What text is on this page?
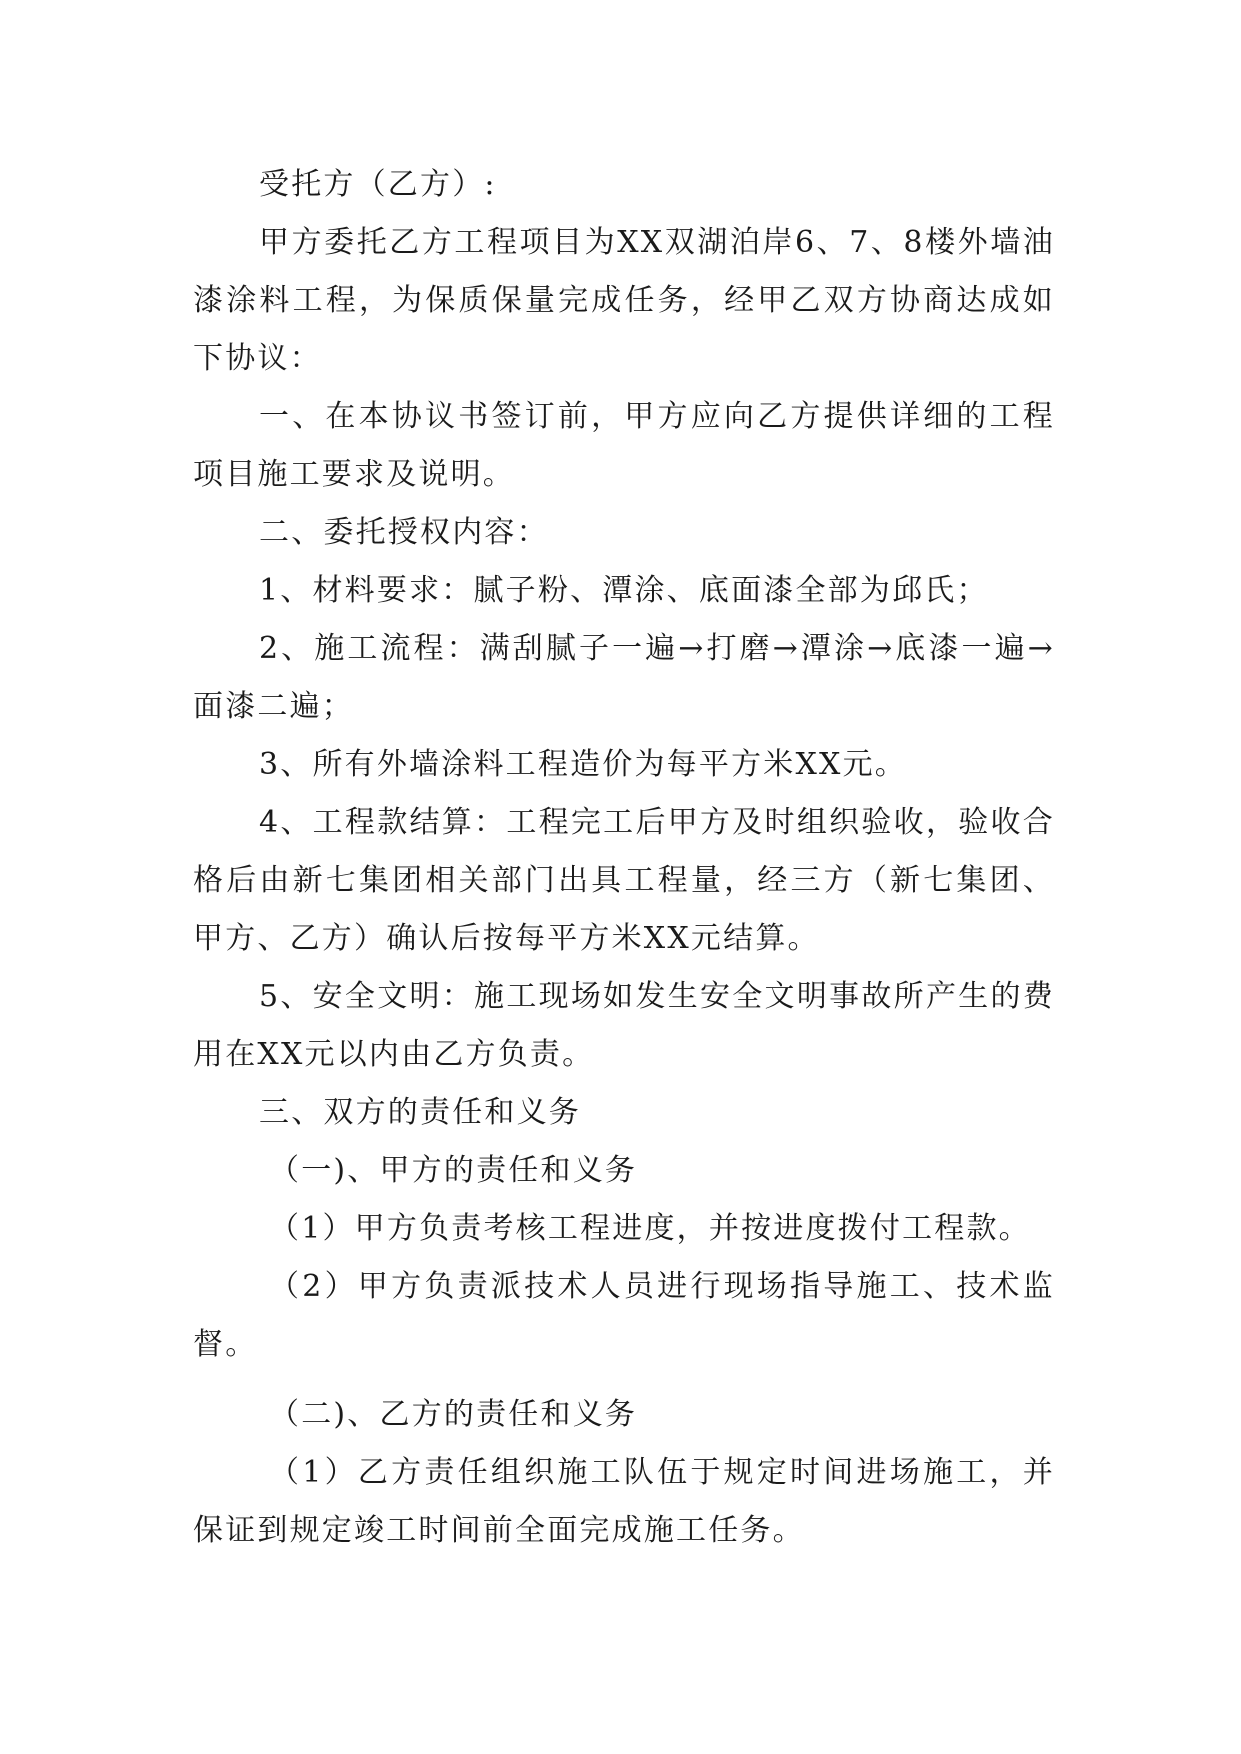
受托方（乙方）:

甲方委托乙方工程项目为XX双湖泊岸6、7、8楼外墙油漆涂料工程，为保质保量完成任务，经甲乙双方协商达成如下协议：

一、在本协议书签订前，甲方应向乙方提供详细的工程项目施工要求及说明。

二、委托授权内容：

1、材料要求：腻子粉、潭涂、底面漆全部为邱氏；

2、施工流程：满刮腻子一遍→打磨→潭涂→底漆一遍→面漆二遍；

3、所有外墙涂料工程造价为每平方米XX元。

4、工程款结算：工程完工后甲方及时组织验收，验收合格后由新七集团相关部门出具工程量，经三方（新七集团、甲方、乙方）确认后按每平方米XX元结算。

5、安全文明：施工现场如发生安全文明事故所产生的费用在XX元以内由乙方负责。

三、双方的责任和义务

（一)、甲方的责任和义务

（1）甲方负责考核工程进度，并按进度拨付工程款。

（2）甲方负责派技术人员进行现场指导施工、技术监督。

（二)、乙方的责任和义务

（1）乙方责任组织施工队伍于规定时间进场施工，并保证到规定竣工时间前全面完成施工任务。
